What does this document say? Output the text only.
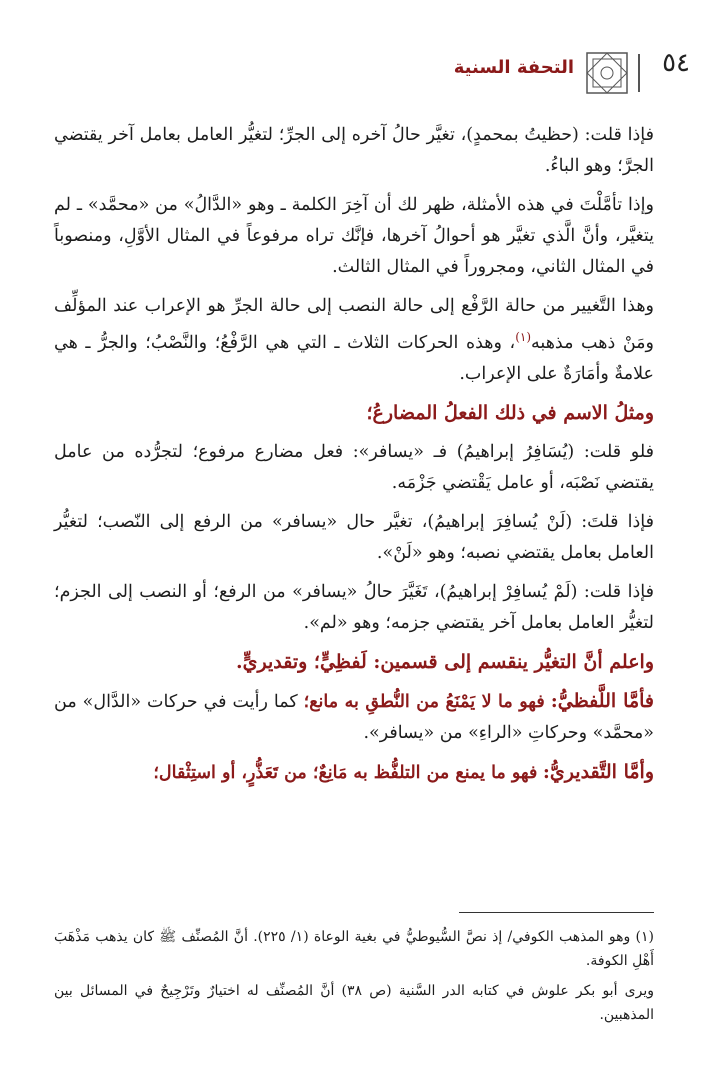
٥٤
التحفة السنية

فإذا قلت: (حظيتُ بمحمدٍ)، تغيَّر حالُ آخره إلى الجرِّ؛ لتغيُّر العامل بعامل آخر يقتضي الجرَّ؛ وهو الباءُ.

وإذا تأمَّلْتَ في هذه الأمثلة، ظهر لك أن آخِرَ الكلمة ـ وهو «الدَّالُ» من «محمَّد» ـ لم يتغيَّر، وأنَّ الَّذي تغيَّر هو أحوالُ آخرها، فإنَّك تراه مرفوعاً في المثال الأوَّلِ، ومنصوباً في المثال الثاني، ومجروراً في المثال الثالث.

وهذا التَّغيير من حالة الرَّفْع إلى حالة النصب إلى حالة الجرِّ هو الإعراب عند المؤلِّف ومَنْ ذهب مذهبه$^{(١)}$، وهذه الحركات الثلاث ـ التي هي الرَّفْعُ؛ والنَّصْبُ؛ والجرُّ ـ هي علامةٌ وأمَارَةٌ على الإعراب.

ومثلُ الاسم في ذلك الفعلُ المضارعُ؛

فلو قلت: (يُسَافِرُ إبراهيمُ) فـ «يسافر»: فعل مضارع مرفوع؛ لتجرُّده من عامل يقتضي نَصْبَه، أو عامل يَقْتضي جَزْمَه.

فإذا قلتَ: (لَنْ يُسافِرَ إبراهيمُ)، تغيَّر حال «يسافر» من الرفع إلى النّصب؛ لتغيُّر العامل بعامل يقتضي نصبه؛ وهو «لَنْ».

فإذا قلت: (لَمْ يُسافِرْ إبراهيمُ)، تَغَيَّرَ حالُ «يسافر» من الرفع؛ أو النصب إلى الجزم؛ لتغيُّر العامل بعامل آخر يقتضي جزمه؛ وهو «لم».

واعلم أنَّ التغيُّر ينقسم إلى قسمين: لَفظِيٍّ؛ وتقديريٍّ.

فأمَّا اللَّفظيُّ: فهو ما لا يَمْنَعُ من النُّطقِ به مانع؛ كما رأيت في حركات «الدَّال» من «محمَّد» وحركاتِ «الراءِ» من «يسافر».

وأمَّا التَّقديريُّ: فهو ما يمنع من التلفُّظ به مَانِعٌ؛ من تَعَذُّرٍ، أو استِثْقال؛

(١) وهو المذهب الكوفي/ إذ نصَّ السُّيوطيُّ في بغية الوعاة (١/ ٢٢٥). أنَّ المُصنِّف ﷺ كان يذهب مَذْهَبَ أَهْلِ الكوفة.

ويرى أبو بكر علوش في كتابه الدر السَّنية (ص ٣٨) أنَّ المُصنِّف له اختيارٌ وتَرْجِيحٌ في المسائل بين المذهبين.
